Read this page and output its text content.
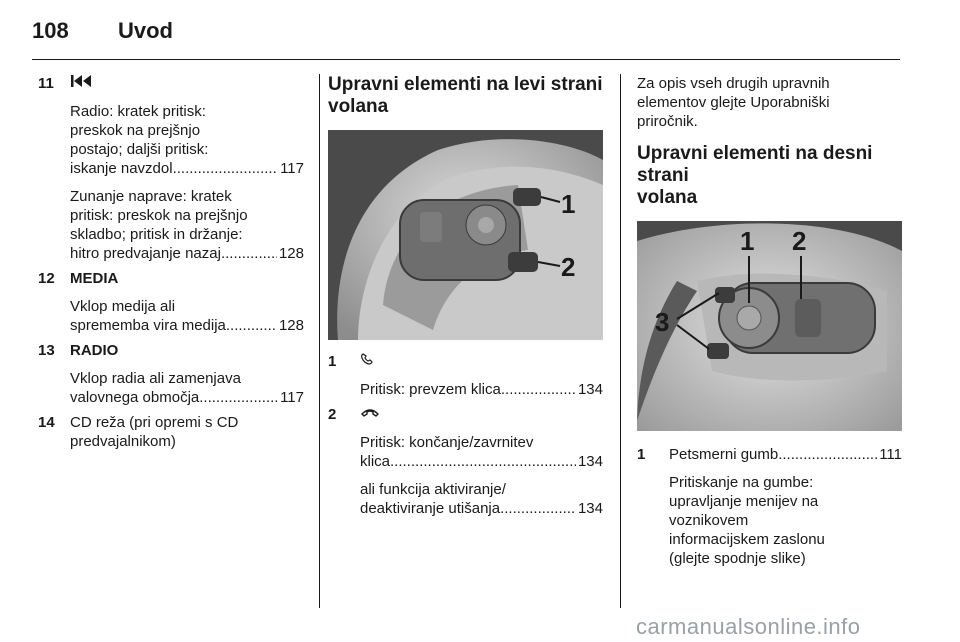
108 Uvod
11
Radio: kratek pritisk:
preskok na prejšnjo
postajo; daljši pritisk:
iskanje navzdol .....	117
Zunanje naprave: kratek
pritisk: preskok na prejšnjo
skladbo; pritisk in držanje:
hitro predvajanje nazaj .....	128
12 MEDIA
Vklop medija ali
sprememba vira medija .....	128
13 RADIO
Vklop radia ali zamenjava
valovnega območja .....	117
14 CD reža (pri opremi s CD
predvajalnikom)
Upravni elementi na levi strani
volana
1
2
1
Pritisk: prevzem klica .....	134
2
Pritisk: končanje/zavrnitev
klica .....	134
ali funkcija aktiviranje/
deaktiviranje utišanja .....	134
Za opis vseh drugih upravnih
elementov glejte Uporabniški
priročnik.
Upravni elementi na desni strani
volana
1 2
3
1 Petsmerni gumb .....	111
Pritiskanje na gumbe:
upravljanje menijev na
voznikovem
informacijskem zaslonu
(glejte spodnje slike)
carmanualsonline.info
